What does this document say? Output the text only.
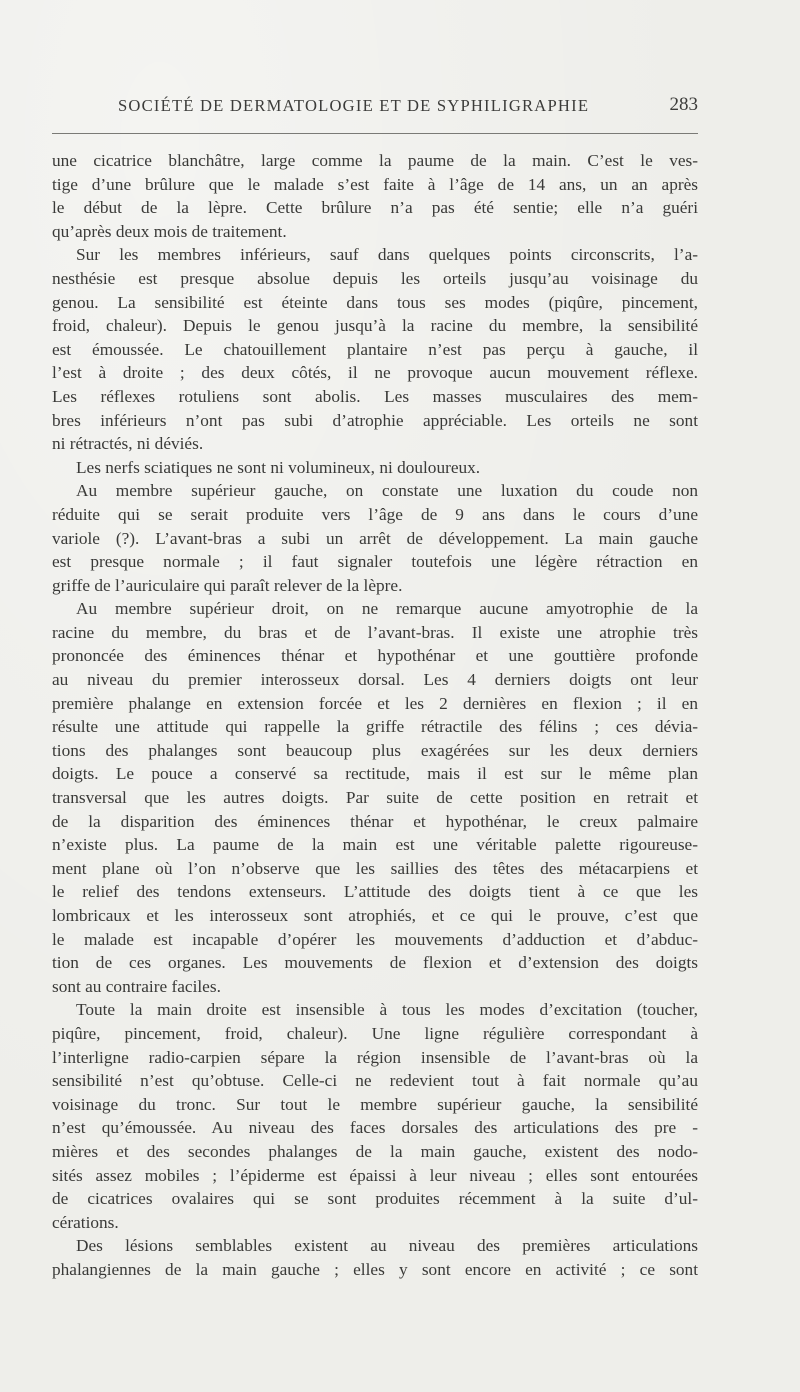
SOCIÉTÉ DE DERMATOLOGIE ET DE SYPHILIGRAPHIE	283
une cicatrice blanchâtre, large comme la paume de la main. C’est le ves-
tige d’une brûlure que le malade s’est faite à l’âge de 14 ans, un an après
le début de la lèpre. Cette brûlure n’a pas été sentie; elle n’a guéri
qu’après deux mois de traitement.
Sur les membres inférieurs, sauf dans quelques points circonscrits, l’a-
nesthésie est presque absolue depuis les orteils jusqu’au voisinage du
genou. La sensibilité est éteinte dans tous ses modes (piqûre, pincement,
froid, chaleur). Depuis le genou jusqu’à la racine du membre, la sensibilité
est émoussée. Le chatouillement plantaire n’est pas perçu à gauche, il
l’est à droite ; des deux côtés, il ne provoque aucun mouvement réflexe.
Les réflexes rotuliens sont abolis. Les masses musculaires des mem-
bres inférieurs n’ont pas subi d’atrophie appréciable. Les orteils ne sont
ni rétractés, ni déviés.
Les nerfs sciatiques ne sont ni volumineux, ni douloureux.
Au membre supérieur gauche, on constate une luxation du coude non
réduite qui se serait produite vers l’âge de 9 ans dans le cours d’une
variole (?). L’avant-bras a subi un arrêt de développement. La main gauche
est presque normale ; il faut signaler toutefois une légère rétraction en
griffe de l’auriculaire qui paraît relever de la lèpre.
Au membre supérieur droit, on ne remarque aucune amyotrophie de la
racine du membre, du bras et de l’avant-bras. Il existe une atrophie très
prononcée des éminences thénar et hypothénar et une gouttière profonde
au niveau du premier interosseux dorsal. Les 4 derniers doigts ont leur
première phalange en extension forcée et les 2 dernières en flexion ; il en
résulte une attitude qui rappelle la griffe rétractile des félins ; ces dévia-
tions des phalanges sont beaucoup plus exagérées sur les deux derniers
doigts. Le pouce a conservé sa rectitude, mais il est sur le même plan
transversal que les autres doigts. Par suite de cette position en retrait et
de la disparition des éminences thénar et hypothénar, le creux palmaire
n’existe plus. La paume de la main est une véritable palette rigoureuse-
ment plane où l’on n’observe que les saillies des têtes des métacarpiens et
le relief des tendons extenseurs. L’attitude des doigts tient à ce que les
lombricaux et les interosseux sont atrophiés, et ce qui le prouve, c’est que
le malade est incapable d’opérer les mouvements d’adduction et d’abduc-
tion de ces organes. Les mouvements de flexion et d’extension des doigts
sont au contraire faciles.
Toute la main droite est insensible à tous les modes d’excitation (toucher,
piqûre, pincement, froid, chaleur). Une ligne régulière correspondant à
l’interligne radio-carpien sépare la région insensible de l’avant-bras où la
sensibilité n’est qu’obtuse. Celle-ci ne redevient tout à fait normale qu’au
voisinage du tronc. Sur tout le membre supérieur gauche, la sensibilité
n’est qu’émoussée. Au niveau des faces dorsales des articulations des pre -
mières et des secondes phalanges de la main gauche, existent des nodo-
sités assez mobiles ; l’épiderme est épaissi à leur niveau ; elles sont entourées
de cicatrices ovalaires qui se sont produites récemment à la suite d’ul-
cérations.
Des lésions semblables existent au niveau des premières articulations
phalangiennes de la main gauche ; elles y sont encore en activité ; ce sont
